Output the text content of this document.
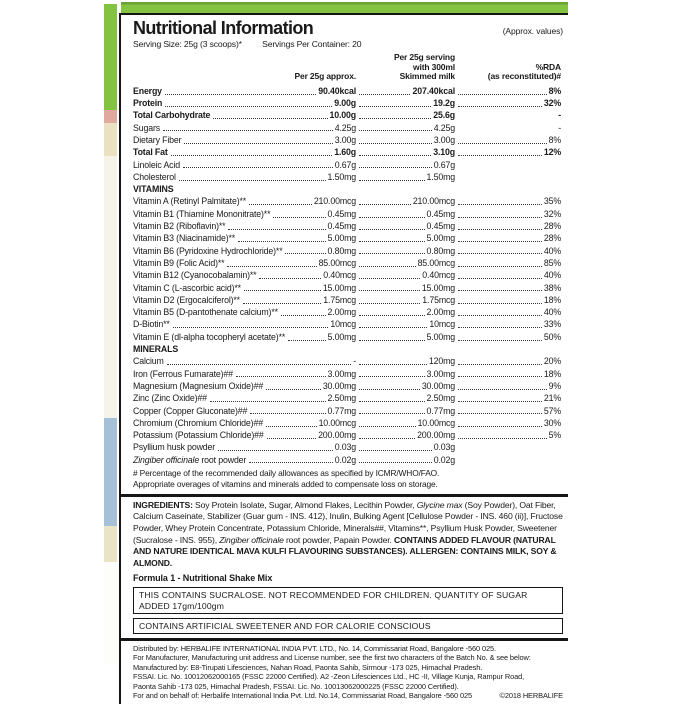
Nutritional Information	(Approx. values)
Serving Size: 25g (3 scoops)* Servings Per Container: 20
Per 25g approx.
Per 25g serving
with 300ml
Skimmed milk
%RDA
(as reconstituted)#
Energy	90.40kcal	207.40kcal	8%
Protein	9.00g	19.2g	32%
Total Carbohydrate	10.00g	25.6g	-
Sugars	4.25g	4.25g	-
Dietary Fiber	3.00g	3.00g	8%
Total Fat	1.60g	3.10g	12%
Linoleic Acid	0.67g	0.67g
Cholesterol	1.50mg	1.50mg
VITAMINS
Vitamin A (Retinyl Palmitate)**	210.00mcg	210.00mcg	35%
Vitamin B1 (Thiamine Mononitrate)**	0.45mg	0.45mg	32%
Vitamin B2 (Riboflavin)**	0.45mg	0.45mg	28%
Vitamin B3 (Niacinamide)**	5.00mg	5.00mg	28%
Vitamin B6 (Pyridoxine Hydrochloride)**	0.80mg	0.80mg	40%
Vitamin B9 (Folic Acid)**	85.00mcg	85.00mcg	85%
Vitamin B12 (Cyanocobalamin)**	0.40mcg	0.40mcg	40%
Vitamin C (L-ascorbic acid)**	15.00mg	15.00mg	38%
Vitamin D2 (Ergocalciferol)**	1.75mcg	1.75mcg	18%
Vitamin B5 (D-pantothenate calcium)**	2.00mg	2.00mg	40%
D-Biotin**	10mcg	10mcg	33%
Vitamin E (dl-alpha tocopheryl acetate)**	5.00mg	5.00mg	50%
MINERALS
Calcium	-	120mg	20%
Iron (Ferrous Fumarate)##	3.00mg	3.00mg	18%
Magnesium (Magnesium Oxide)##	30.00mg	30.00mg	9%
Zinc (Zinc Oxide)##	2.50mg	2.50mg	21%
Copper (Copper Gluconate)##	0.77mg	0.77mg	57%
Chromium (Chromium Chloride)##	10.00mcg	10.00mcg	30%
Potassium (Potassium Chloride)##	200.00mg	200.00mg	5%
Psyllium husk powder	0.03g	0.03g
Zingiber officinale root powder	0.02g	0.02g
# Percentage of the recommended daily allowances as specified by ICMR/WHO/FAO.
Appropriate overages of vitamins and minerals added to compensate loss on storage.

INGREDIENTS: Soy Protein Isolate, Sugar, Almond Flakes, Lecithin Powder, Glycine max (Soy Powder), Oat Fiber, Calcium Caseinate, Stabilizer (Guar gum - INS. 412), Inulin, Bulking Agent [Cellulose Powder - INS. 460 (ii)], Fructose Powder, Whey Protein Concentrate, Potassium Chloride, Minerals##, Vitamins**, Psyllium Husk Powder, Sweetener (Sucralose - INS. 955), Zingiber officinale root powder, Papain Powder. CONTAINS ADDED FLAVOUR (NATURAL AND NATURE IDENTICAL MAVA KULFI FLAVOURING SUBSTANCES). ALLERGEN: CONTAINS MILK, SOY & ALMOND.

Formula 1 - Nutritional Shake Mix
THIS CONTAINS SUCRALOSE. NOT RECOMMENDED FOR CHILDREN. QUANTITY OF SUGAR ADDED 17gm/100gm
CONTAINS ARTIFICIAL SWEETENER AND FOR CALORIE CONSCIOUS
Distributed by: HERBALIFE INTERNATIONAL INDIA PVT. LTD., No. 14, Commissariat Road, Bangalore -560 025.
For Manufacturer, Manufacturing unit address and License number, see the first two characters of the Batch No. & see below:
Manufactured by: E8-Tirupati Lifesciences, Nahan Road, Paonta Sahib, Sirmour -173 025, Himachal Pradesh.
FSSAI. Lic. No. 10012062000165 (FSSC 22000 Certified). A2 -Zeon Lifesciences Ltd., HC -II, Village Kunja, Rampur Road,
Paonta Sahib -173 025, Himachal Pradesh, FSSAI. Lic. No. 10013062000225 (FSSC 22000 Certified).
For and on behalf of: Herbalife International India Pvt. Ltd. No.14, Commissariat Road, Bangalore -560 025	©2018 HERBALIFE
